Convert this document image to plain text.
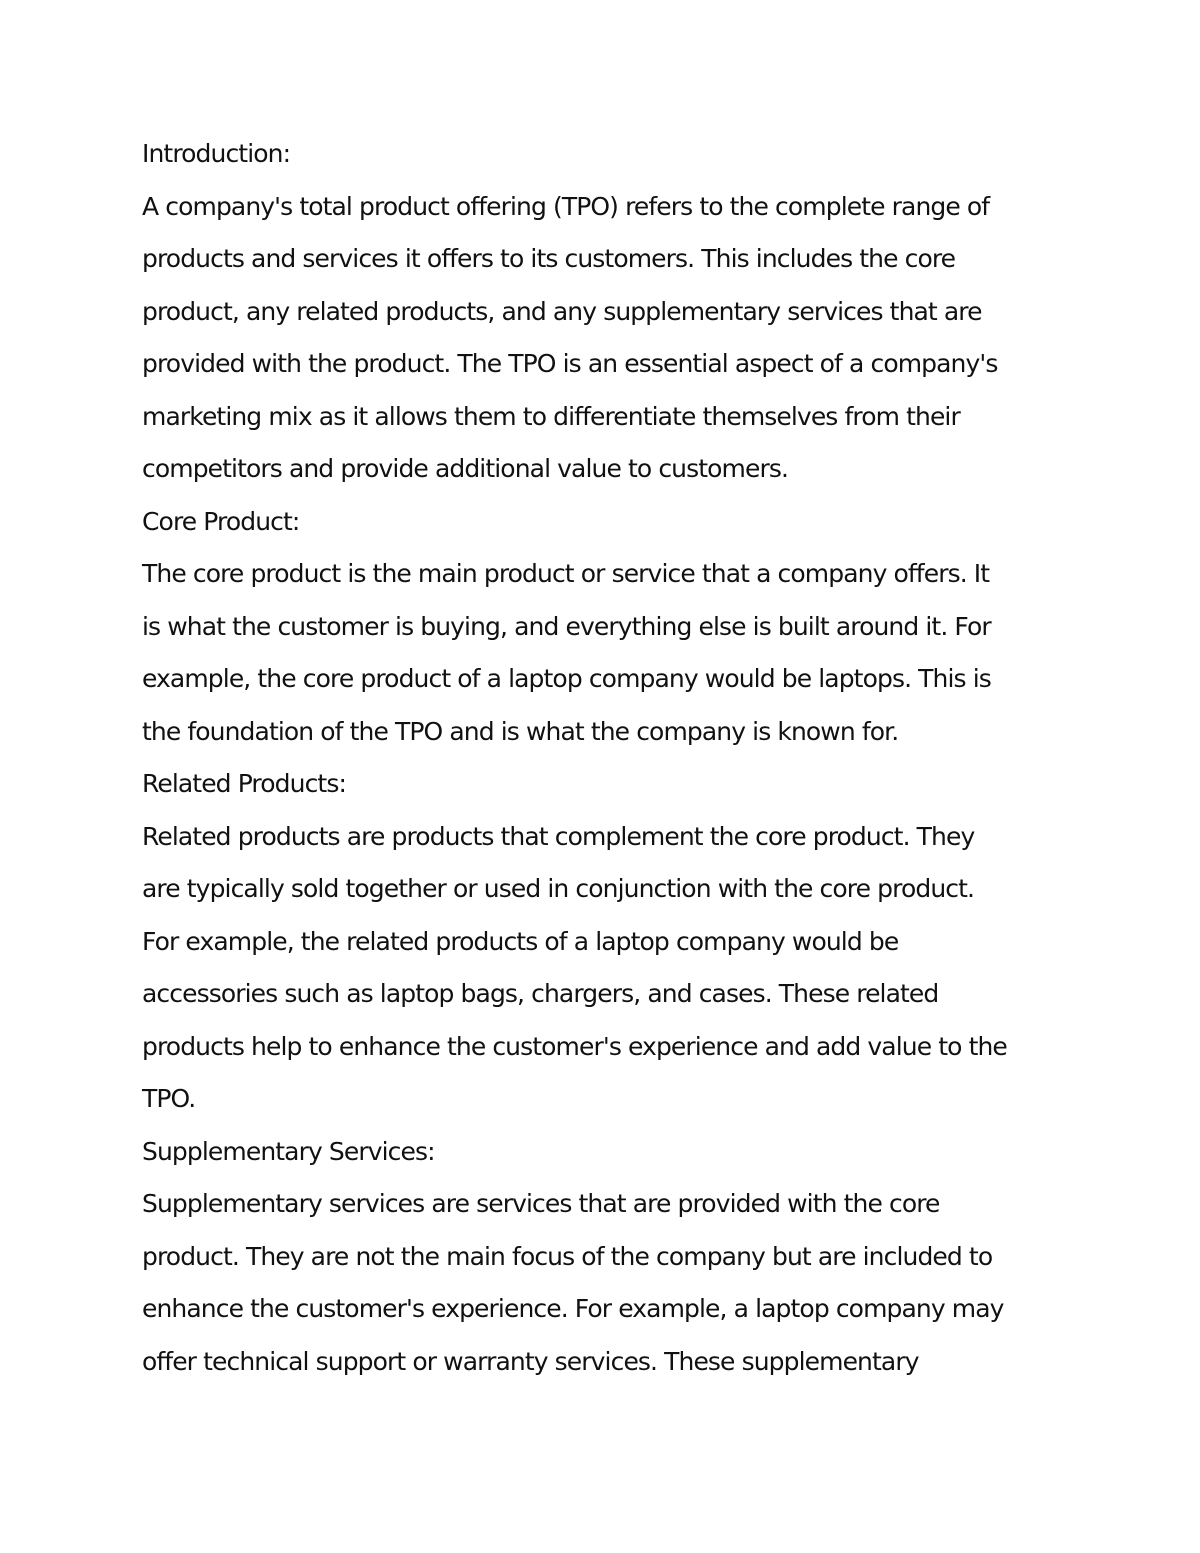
Introduction:
A company's total product offering (TPO) refers to the complete range of
products and services it offers to its customers. This includes the core
product, any related products, and any supplementary services that are
provided with the product. The TPO is an essential aspect of a company's
marketing mix as it allows them to differentiate themselves from their
competitors and provide additional value to customers.
Core Product:
The core product is the main product or service that a company offers. It
is what the customer is buying, and everything else is built around it. For
example, the core product of a laptop company would be laptops. This is
the foundation of the TPO and is what the company is known for.
Related Products:
Related products are products that complement the core product. They
are typically sold together or used in conjunction with the core product.
For example, the related products of a laptop company would be
accessories such as laptop bags, chargers, and cases. These related
products help to enhance the customer's experience and add value to the
TPO.
Supplementary Services:
Supplementary services are services that are provided with the core
product. They are not the main focus of the company but are included to
enhance the customer's experience. For example, a laptop company may
offer technical support or warranty services. These supplementary
